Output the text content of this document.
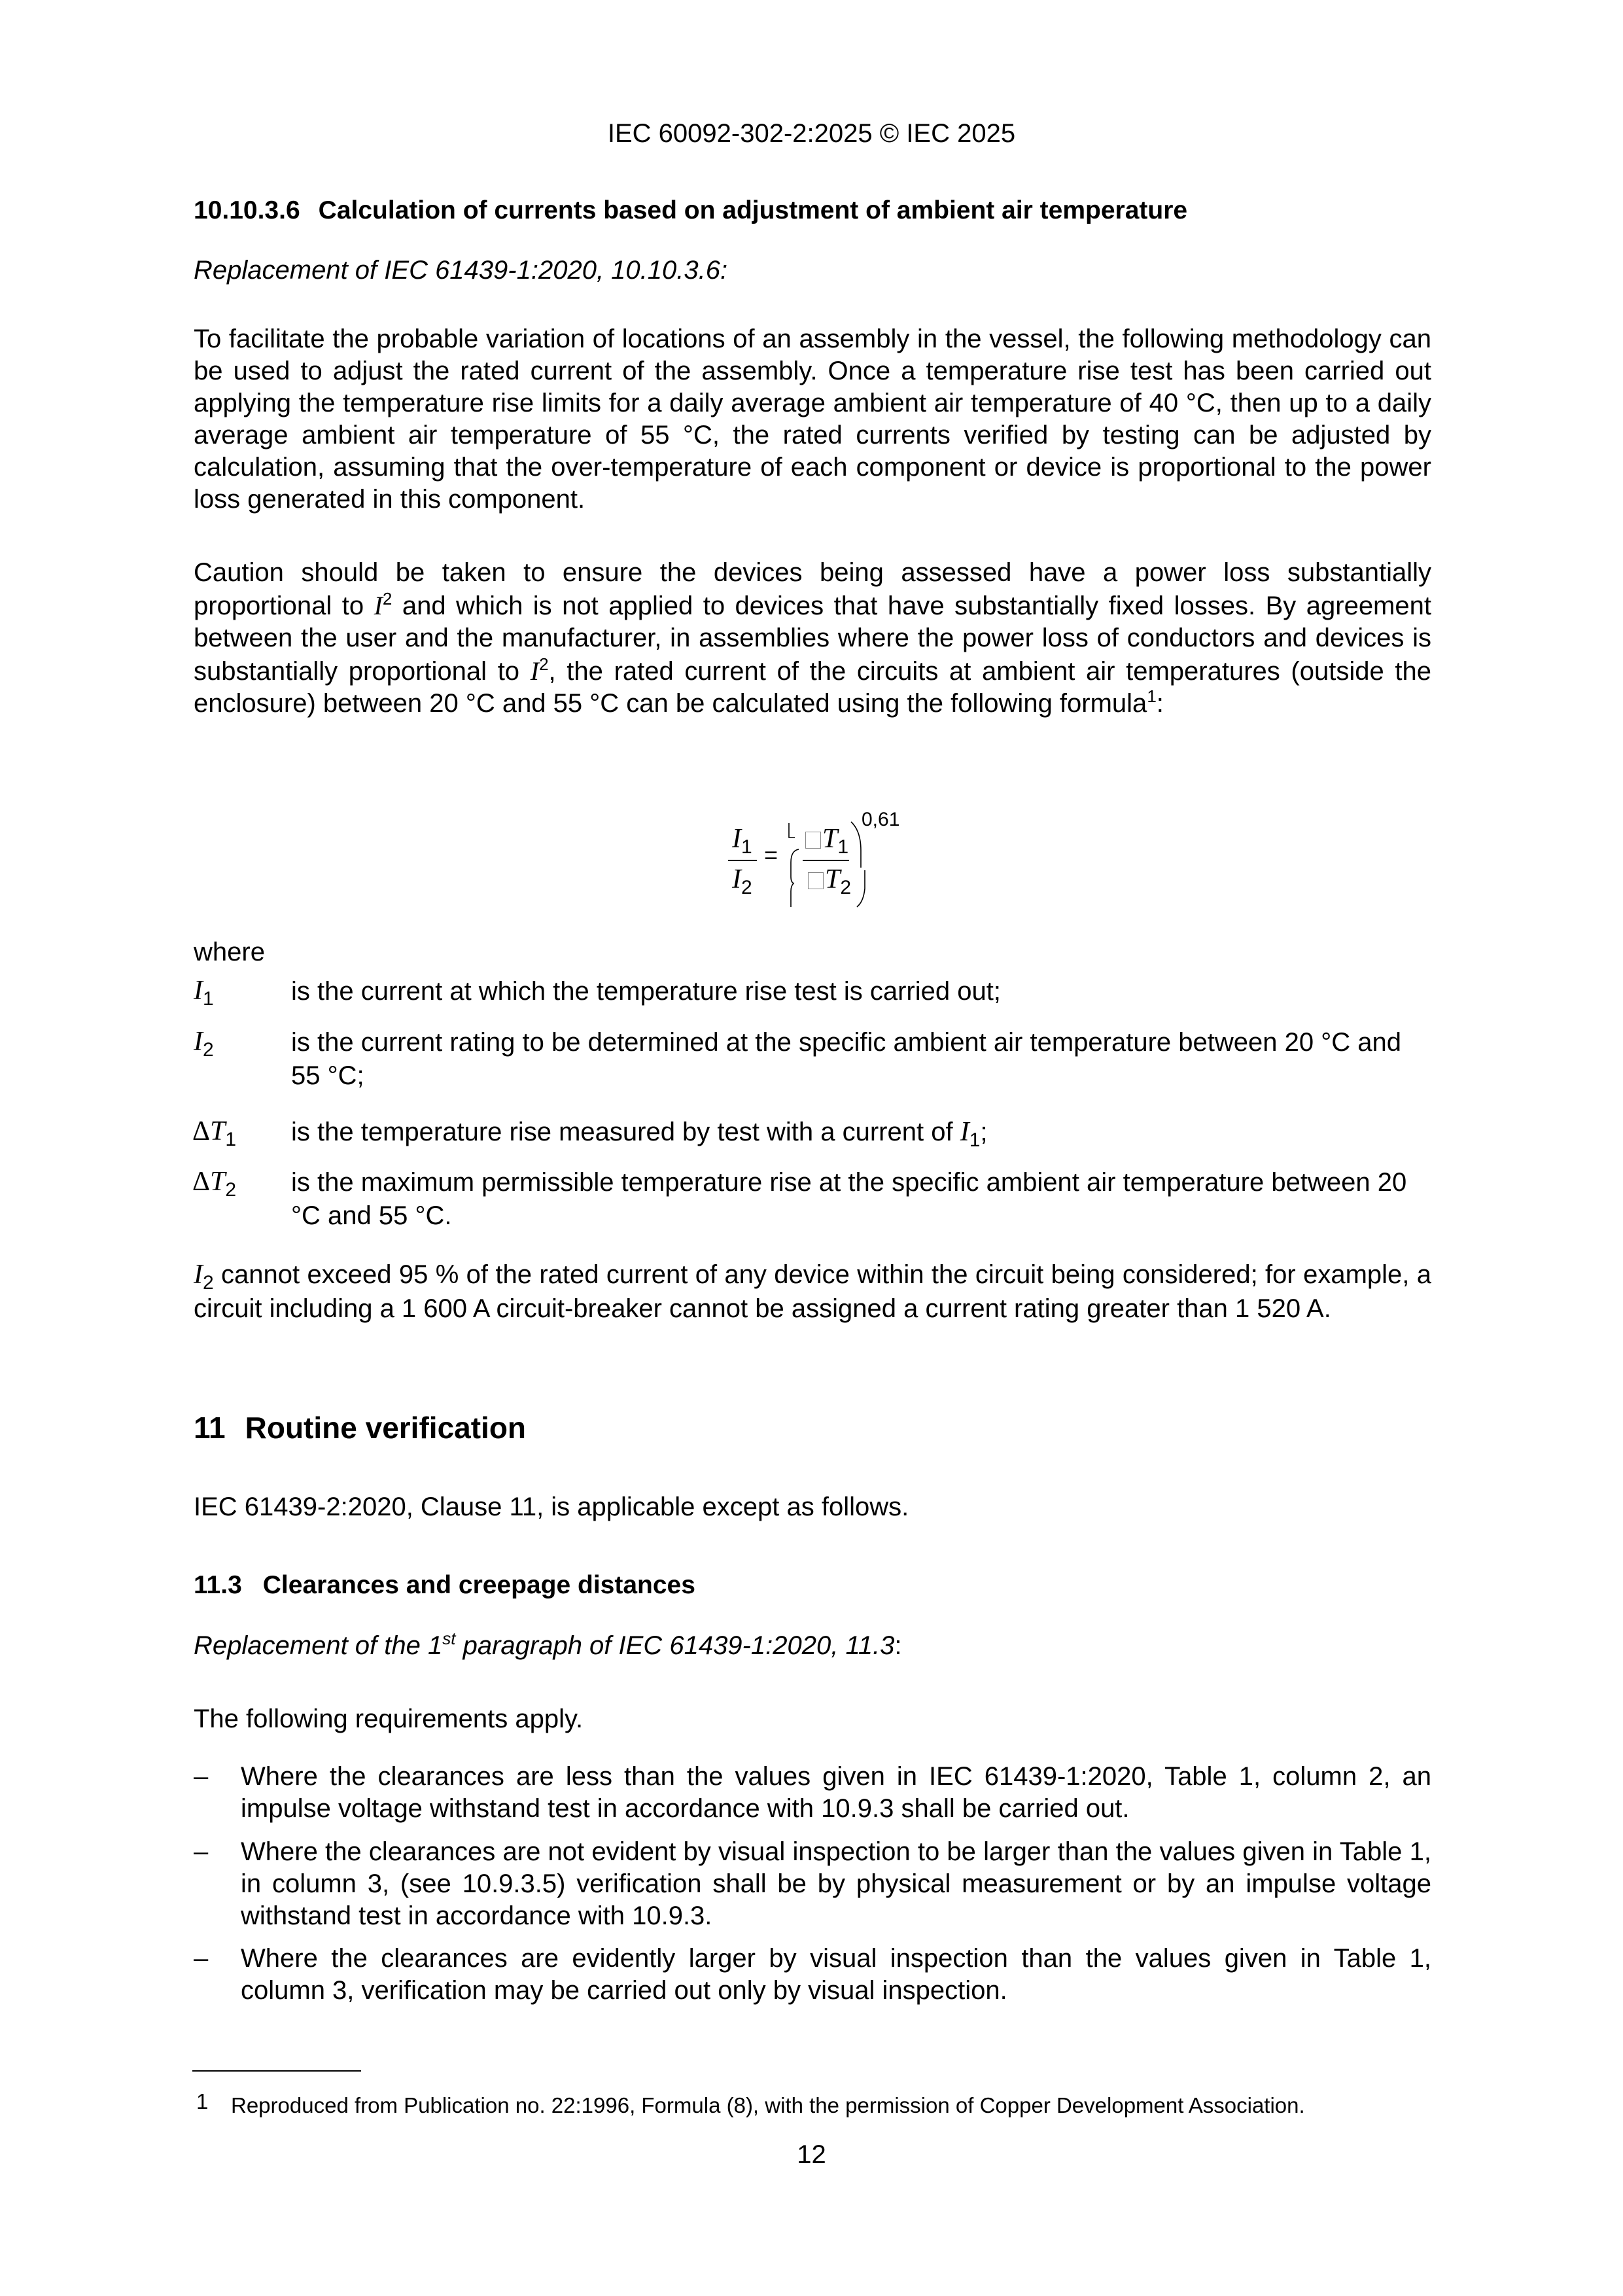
IEC 60092-302-2:2025 © IEC 2025
10.10.3.6 Calculation of currents based on adjustment of ambient air temperature
Replacement of IEC 61439-1:2020, 10.10.3.6:
To facilitate the probable variation of locations of an assembly in the vessel, the following methodology can be used to adjust the rated current of the assembly. Once a temperature rise test has been carried out applying the temperature rise limits for a daily average ambient air temperature of 40 °C, then up to a daily average ambient air temperature of 55 °C, the rated currents verified by testing can be adjusted by calculation, assuming that the over-temperature of each component or device is proportional to the power loss generated in this component.
Caution should be taken to ensure the devices being assessed have a power loss substantially proportional to $I^2$ and which is not applied to devices that have substantially fixed losses. By agreement between the user and the manufacturer, in assemblies where the power loss of conductors and devices is substantially proportional to $I^2$, the rated current of the circuits at ambient air temperatures (outside the enclosure) between 20 °C and 55 °C can be calculated using the following formula$^1$:
$I_1$
$I_2$
=
$T_1$
$T_2$
0,61
where
$I_1$	is the current at which the temperature rise test is carried out;
$I_2$	is the current rating to be determined at the specific ambient air temperature between 20 °C and 55 °C;
$\Delta T_1$ is the temperature rise measured by test with a current of $I_1$;
$\Delta T_2$ is the maximum permissible temperature rise at the specific ambient air temperature between 20 °C and 55 °C.
$I_2$ cannot exceed 95 % of the rated current of any device within the circuit being considered; for example, a circuit including a 1 600 A circuit-breaker cannot be assigned a current rating greater than 1 520 A.
11 Routine verification
IEC 61439-2:2020, Clause 11, is applicable except as follows.
11.3 Clearances and creepage distances
Replacement of the 1st paragraph of IEC 61439-1:2020, 11.3:
The following requirements apply.
– Where the clearances are less than the values given in IEC 61439-1:2020, Table 1, column 2, an impulse voltage withstand test in accordance with 10.9.3 shall be carried out.
– Where the clearances are not evident by visual inspection to be larger than the values given in Table 1, in column 3, (see 10.9.3.5) verification shall be by physical measurement or by an impulse voltage withstand test in accordance with 10.9.3.
– Where the clearances are evidently larger by visual inspection than the values given in Table 1, column 3, verification may be carried out only by visual inspection.
1 Reproduced from Publication no. 22:1996, Formula (8), with the permission of Copper Development Association.
12
